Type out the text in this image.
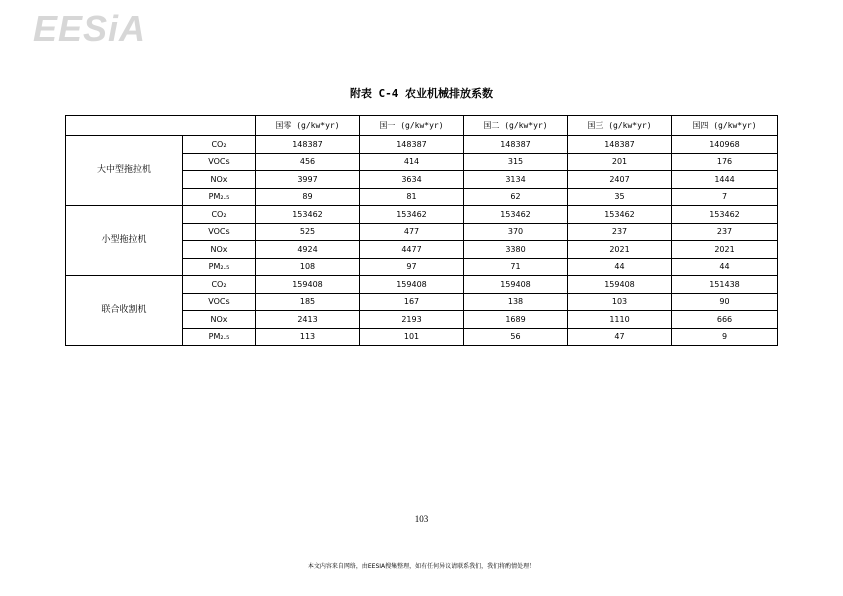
EESiA
附表 C-4 农业机械排放系数
		国零 (g/kw*yr)	国一 (g/kw*yr)	国二 (g/kw*yr)	国三 (g/kw*yr)	国四 (g/kw*yr)
大中型拖拉机	CO₂	148387	148387	148387	148387	140968
	VOCs	456	414	315	201	176
	NOx	3997	3634	3134	2407	1444
	PM₂.₅	89	81	62	35	7
小型拖拉机	CO₂	153462	153462	153462	153462	153462
	VOCs	525	477	370	237	237
	NOx	4924	4477	3380	2021	2021
	PM₂.₅	108	97	71	44	44
联合收割机	CO₂	159408	159408	159408	159408	151438
	VOCs	185	167	138	103	90
	NOx	2413	2193	1689	1110	666
	PM₂.₅	113	101	56	47	9
103
本文内容来自网络，由EESIA搜集整理，如有任何异议请联系我们，我们将酌情处理！
